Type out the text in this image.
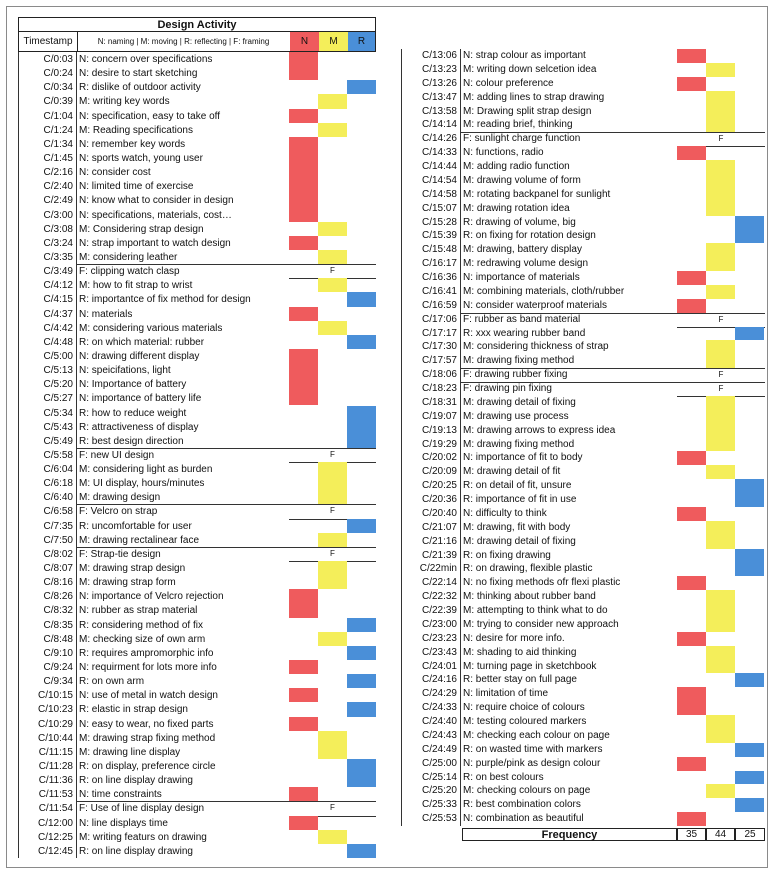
Design Activity
Timestamp	N: naming | M: moving | R: reflecting | F: framing	N	M	R
C/0:03 N: concern over specifications
C/0:24 N: desire to start sketching
C/0:34 R: dislike of outdoor activity
C/0:39 M: writing key words
C/1:04 N: specification, easy to take off
C/1:24 M: Reading specifications
C/1:34 N: remember key words
C/1:45 N: sports watch, young user
C/2:16 N: consider cost
C/2:40 N: limited time of exercise
C/2:49 N: know what to consider in design
C/3:00 N: specifications, materials, cost…
C/3:08 M: Considering strap design
C/3:24 N: strap important to watch design
C/3:35 M: considering leather
C/3:49 F: clipping watch clasp	F
C/4:12 M: how to fit strap to wrist
C/4:15 R: importantce of fix method for design
C/4:37 N: materials
C/4:42 M: considering various materials
C/4:48 R: on which material: rubber
C/5:00 N: drawing different display
C/5:13 N: speicifations, light
C/5:20 N: Importance of battery
C/5:27 N: importance of battery life
C/5:34 R: how to reduce weight
C/5:43 R: attractiveness of display
C/5:49 R: best design direction
C/5:58 F: new UI design	F
C/6:04 M: considering light as burden
C/6:18 M: UI display, hours/minutes
C/6:40 M: drawing design
C/6:58 F: Velcro on strap	F
C/7:35 R: uncomfortable for user
C/7:50 M: drawing rectalinear face
C/8:02 F: Strap-tie design	F
C/8:07 M: drawing strap design
C/8:16 M: drawing strap form
C/8:26 N: importance of Velcro rejection
C/8:32 N: rubber as strap material
C/8:35 R: considering method of fix
C/8:48 M: checking size of own arm
C/9:10 R: requires ampromorphic info
C/9:24 N: requirment for lots more info
C/9:34 R: on own arm
C/10:15 N: use of metal in watch design
C/10:23 R: elastic in strap design
C/10:29 N: easy to wear, no fixed parts
C/10:44 M: drawing strap fixing method
C/11:15 M: drawing line display
C/11:28 R: on display, preference circle
C/11:36 R: on line display drawing
C/11:53 N: time constraints
C/11:54 F: Use of line display design	F
C/12:00 N: line displays time
C/12:25 M: writing featurs on drawing
C/12:45 R: on line display drawing
C/13:06 N: strap colour as important
C/13:23 M: writing down selcetion idea
C/13:26 N: colour preference
C/13:47 M: adding lines to strap drawing
C/13:58 M: Drawing split strap design
C/14:14 M: reading brief, thinking
C/14:26 F: sunlight charge function	F
C/14:33 N: functions, radio
C/14:44 M: adding radio function
C/14:54 M: drawing volume of form
C/14:58 M: rotating backpanel for sunlight
C/15:07 M: drawing rotation idea
C/15:28 R: drawing of volume, big
C/15:39 R: on fixing for rotation design
C/15:48 M: drawing, battery display
C/16:17 M: redrawing volume design
C/16:36 N: importance of materials
C/16:41 M: combining materials, cloth/rubber
C/16:59 N: consider waterproof materials
C/17:06 F: rubber as band material	F
C/17:17 R: xxx wearing rubber band
C/17:30 M: considering thickness of strap
C/17:57 M: drawing fixing method
C/18:06 F: drawing rubber fixing	F
C/18:23 F: drawing pin fixing	F
C/18:31 M: drawing detail of fixing
C/19:07 M: drawing use process
C/19:13 M: drawing arrows to express idea
C/19:29 M: drawing fixing method
C/20:02 N: importance of fit to body
C/20:09 M: drawing detail of fit
C/20:25 R: on detail of fit, unsure
C/20:36 R: importance of fit in use
C/20:40 N: difficulty to think
C/21:07 M: drawing, fit with body
C/21:16 M: drawing detail of fixing
C/21:39 R: on fixing drawing
C/22min R: on drawing, flexible plastic
C/22:14 N: no fixing methods ofr flexi plastic
C/22:32 M: thinking about rubber band
C/22:39 M: attempting to think what to do
C/23:00 M: trying to consider new approach
C/23:23 N: desire for more info.
C/23:43 M: shading to aid thinking
C/24:01 M: turning page in sketchbook
C/24:16 R: better stay on full page
C/24:29 N: limitation of time
C/24:33 N: require choice of colours
C/24:40 M: testing coloured markers
C/24:43 M: checking each colour on page
C/24:49 R: on wasted time with markers
C/25:00 N: purple/pink as design colour
C/25:14 R: on best colours
C/25:20 M: checking colours on page
C/25:33 R: best combination colors
C/25:53 N: combination as beautiful
Frequency	35	44	25
